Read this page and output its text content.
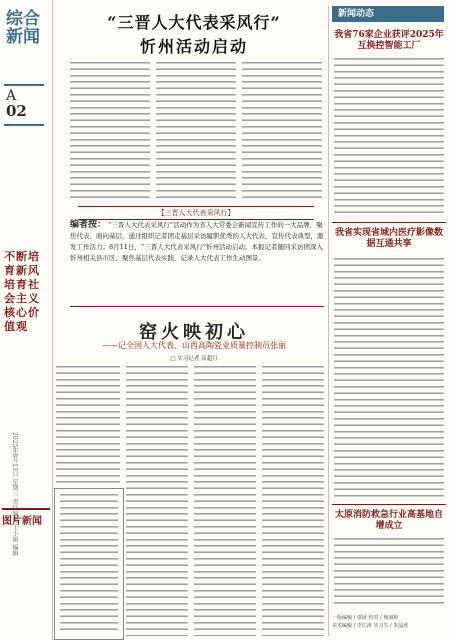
综合新闻
A
02
不断培育新风 培育社会主义核心价值观
2025年8月13日 星期三 责任编辑 王小丽 编辑
图片新闻
“三晋人大代表采风行”
忻州活动启动
【三晋人大代表采风行】
编者按： “三晋人大代表采风行”活动作为省人大常委会新闻宣传工作的一大品牌，聚焦代表、面向基层，通过组织记者团走基层采访履职优秀的人大代表，宣传代表典型，激发工作活力。8月11日，“三晋人大代表采风行”忻州活动启动。本报记者随同采访团深入忻州相关县市区，聚焦基层代表实践，记录人大代表工作生动图景。
窑火映初心
——记全国人大代表、山西高陶瓷业质量控制员张丽
□ 实习记者 高超月
新闻动态
我省76家企业获评2025年互换控智能工厂
我省实现省域内医疗影像数据互通共享
太原消防救急行业高基地自增成立
一版编辑 / 郭展 校对 / 杨丽婷
美术编辑 / 李江涛 实习生 / 朱晶欣
